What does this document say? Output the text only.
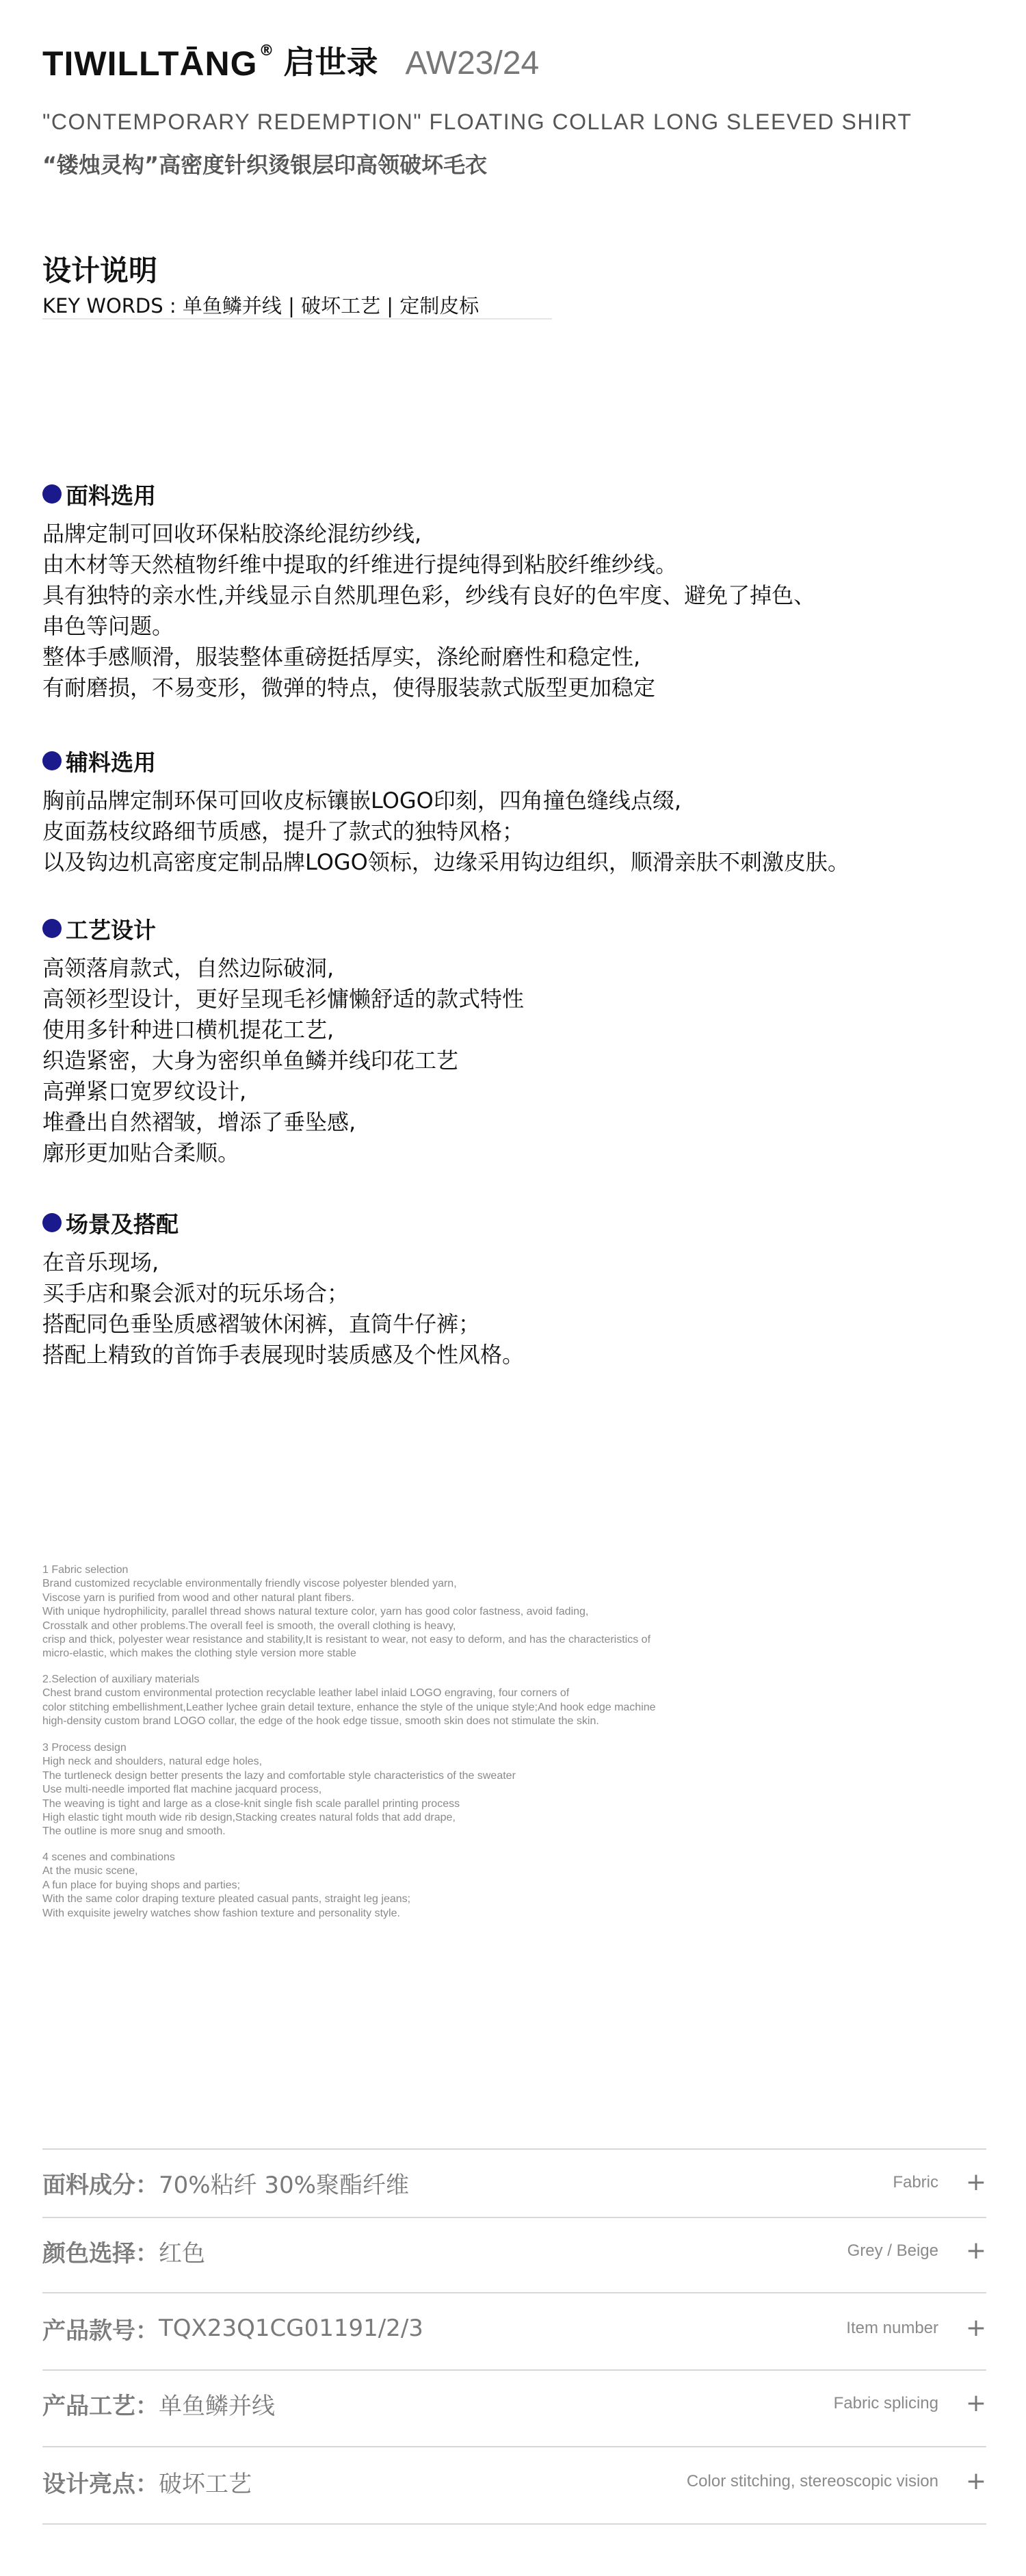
TIWILLTĀNG ® 启世录 AW23/24
"CONTEMPORARY REDEMPTION" FLOATING COLLAR LONG SLEEVED SHIRT
“镂烛灵构”高密度针织烫银层印高领破坏毛衣
设计说明
KEY WORDS : 单鱼鳞并线 | 破坏工艺 | 定制皮标
面料选用
品牌定制可回收环保粘胶涤纶混纺纱线,
由木材等天然植物纤维中提取的纤维进行提纯得到粘胶纤维纱线。
具有独特的亲水性,并线显示自然肌理色彩，纱线有良好的色牢度、避免了掉色、
串色等问题。
整体手感顺滑，服装整体重磅挺括厚实，涤纶耐磨性和稳定性,
有耐磨损，不易变形，微弹的特点，使得服装款式版型更加稳定
辅料选用
胸前品牌定制环保可回收皮标镶嵌LOGO印刻，四角撞色缝线点缀,
皮面荔枝纹路细节质感，提升了款式的独特风格；
以及钩边机高密度定制品牌LOGO领标，边缘采用钩边组织，顺滑亲肤不刺激皮肤。
工艺设计
高领落肩款式，自然边际破洞,
高领衫型设计，更好呈现毛衫慵懒舒适的款式特性
使用多针种进口横机提花工艺,
织造紧密，大身为密织单鱼鳞并线印花工艺
高弹紧口宽罗纹设计,
堆叠出自然褶皱，增添了垂坠感,
廓形更加贴合柔顺。
场景及搭配
在音乐现场,
买手店和聚会派对的玩乐场合；
搭配同色垂坠质感褶皱休闲裤，直筒牛仔裤；
搭配上精致的首饰手表展现时装质感及个性风格。
1 Fabric selection
Brand customized recyclable environmentally friendly viscose polyester blended yarn,
Viscose yarn is purified from wood and other natural plant fibers.
With unique hydrophilicity, parallel thread shows natural texture color, yarn has good color fastness, avoid fading,
Crosstalk and other problems.The overall feel is smooth, the overall clothing is heavy,
crisp and thick, polyester wear resistance and stability,It is resistant to wear, not easy to deform, and has the characteristics of
micro-elastic, which makes the clothing style version more stable
2.Selection of auxiliary materials
Chest brand custom environmental protection recyclable leather label inlaid LOGO engraving, four corners of
color stitching embellishment,Leather lychee grain detail texture, enhance the style of the unique style;And hook edge machine
high-density custom brand LOGO collar, the edge of the hook edge tissue, smooth skin does not stimulate the skin.
3 Process design
High neck and shoulders, natural edge holes,
The turtleneck design better presents the lazy and comfortable style characteristics of the sweater
Use multi-needle imported flat machine jacquard process,
The weaving is tight and large as a close-knit single fish scale parallel printing process
High elastic tight mouth wide rib design,Stacking creates natural folds that add drape,
The outline is more snug and smooth.
4 scenes and combinations
At the music scene,
A fun place for buying shops and parties;
With the same color draping texture pleated casual pants, straight leg jeans;
With exquisite jewelry watches show fashion texture and personality style.
面料成分： 70%粘纤 30%聚酯纤维	Fabric	+
颜色选择： 红色	Grey / Beige	+
产品款号： TQX23Q1CG01191/2/3	Item number	+
产品工艺： 单鱼鳞并线	Fabric splicing	+
设计亮点： 破坏工艺	Color stitching, stereoscopic vision	+
